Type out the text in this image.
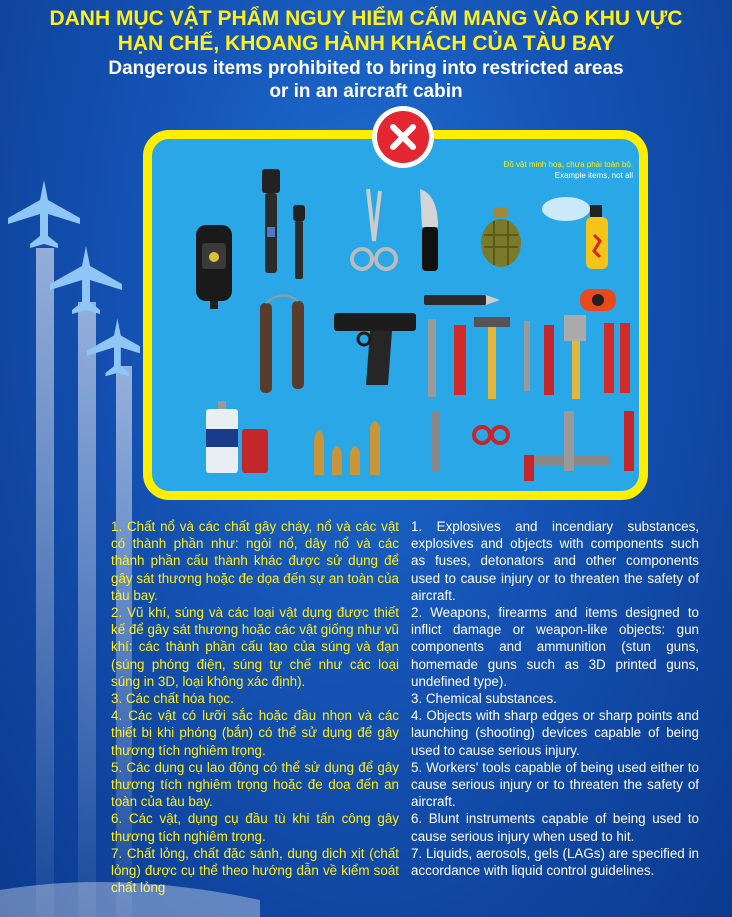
DANH MỤC VẬT PHẨM NGUY HIỂM CẤM MANG VÀO KHU VỰC
HẠN CHẾ, KHOANG HÀNH KHÁCH CỦA TÀU BAY
Dangerous items prohibited to bring into restricted areas
or in an aircraft cabin
Đồ vật minh hoạ, chưa phải toàn bộ.
Example items, not all

1. Chất nổ và các chất gây cháy, nổ và các vật có thành phần như: ngòi nổ, dây nổ và các thành phần cấu thành khác được sử dụng để gây sát thương hoặc đe dọa đến sự an toàn của tàu bay.

2. Vũ khí, súng và các loại vật dụng được thiết kế để gây sát thương hoặc các vật giống như vũ khí: các thành phần cấu tạo của súng và đạn (súng phóng điện, súng tự chế như các loại súng in 3D, loại không xác định).

3. Các chất hóa học.

4. Các vật có lưỡi sắc hoặc đầu nhọn và các thiết bị khi phóng (bắn) có thể sử dụng để gây thương tích nghiêm trọng.

5. Các dụng cụ lao động có thể sử dụng để gây thương tích nghiêm trọng hoặc đe doạ đến an toàn của tàu bay.

6. Các vật, dụng cụ đầu tù khi tấn công gây thương tích nghiêm trọng.

7. Chất lỏng, chất đặc sánh, dung dịch xịt (chất lỏng) được cụ thể theo hướng dẫn về kiểm soát chất lỏng

1. Explosives and incendiary substances, explosives and objects with components such as fuses, detonators and other components used to cause injury or to threaten the safety of aircraft.

2. Weapons, firearms and items designed to inflict damage or weapon-like objects: gun components and ammunition (stun guns, homemade guns such as 3D printed guns, undefined type).

3. Chemical substances.

4. Objects with sharp edges or sharp points and launching (shooting) devices capable of being used to cause serious injury.

5. Workers' tools capable of being used either to cause serious injury or to threaten the safety of aircraft.

6. Blunt instruments capable of being used to cause serious injury when used to hit.

7. Liquids, aerosols, gels (LAGs) are specified in accordance with liquid control guidelines.
